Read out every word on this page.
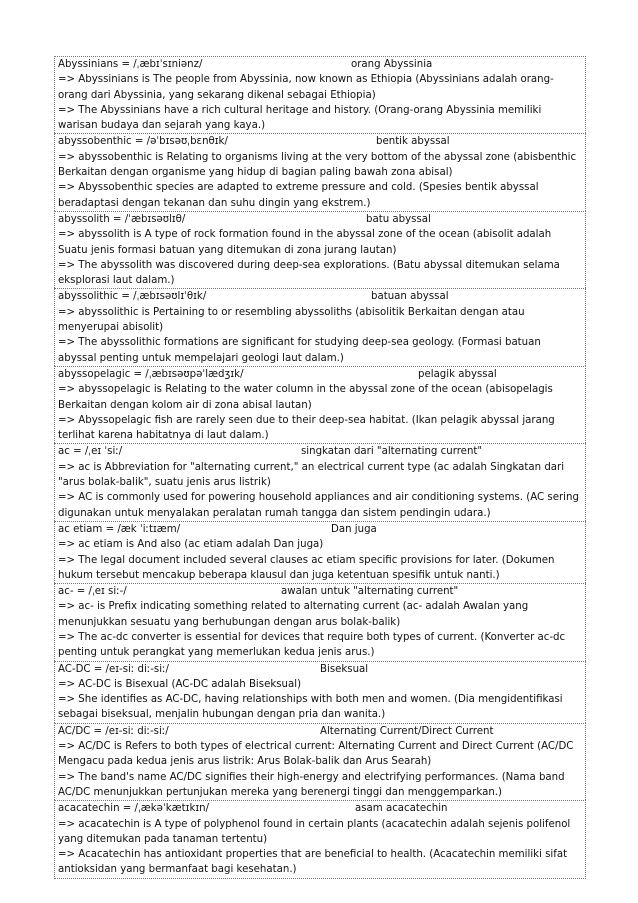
Abyssinians = /ˌæbɪˈsɪniənz/	orang Abyssinia
=> Abyssinians is The people from Abyssinia, now known as Ethiopia (Abyssinians adalah orang-orang dari Abyssinia, yang sekarang dikenal sebagai Ethiopia)
=> The Abyssinians have a rich cultural heritage and history. (Orang-orang Abyssinia memiliki warisan budaya dan sejarah yang kaya.)
abyssobenthic = /əˈbɪsəʊˌbɛnθɪk/	bentik abyssal
=> abyssobenthic is Relating to organisms living at the very bottom of the abyssal zone (abisbenthic Berkaitan dengan organisme yang hidup di bagian paling bawah zona abisal)
=> Abyssobenthic species are adapted to extreme pressure and cold. (Spesies bentik abyssal beradaptasi dengan tekanan dan suhu dingin yang ekstrem.)
abyssolith = /ˈæbɪsəʊlɪθ/	batu abyssal
=> abyssolith is A type of rock formation found in the abyssal zone of the ocean (abisolit adalah Suatu jenis formasi batuan yang ditemukan di zona jurang lautan)
=> The abyssolith was discovered during deep-sea explorations. (Batu abyssal ditemukan selama eksplorasi laut dalam.)
abyssolithic = /ˌæbɪsəʊlɪˈθɪk/	batuan abyssal
=> abyssolithic is Pertaining to or resembling abyssoliths (abisolitik Berkaitan dengan atau menyerupai abisolit)
=> The abyssolithic formations are significant for studying deep-sea geology. (Formasi batuan abyssal penting untuk mempelajari geologi laut dalam.)
abyssopelagic = /ˌæbɪsəʊpəˈlædʒɪk/	pelagik abyssal
=> abyssopelagic is Relating to the water column in the abyssal zone of the ocean (abisopelagis Berkaitan dengan kolom air di zona abisal lautan)
=> Abyssopelagic fish are rarely seen due to their deep-sea habitat. (Ikan pelagik abyssal jarang terlihat karena habitatnya di laut dalam.)
ac = /ˌeɪ ˈsiː/	singkatan dari "alternating current"
=> ac is Abbreviation for "alternating current," an electrical current type (ac adalah Singkatan dari "arus bolak-balik", suatu jenis arus listrik)
=> AC is commonly used for powering household appliances and air conditioning systems. (AC sering digunakan untuk menyalakan peralatan rumah tangga dan sistem pendingin udara.)
ac etiam = /æk ˈiːtɪæm/	Dan juga
=> ac etiam is And also (ac etiam adalah Dan juga)
=> The legal document included several clauses ac etiam specific provisions for later. (Dokumen hukum tersebut mencakup beberapa klausul dan juga ketentuan spesifik untuk nanti.)
ac- = /ˌeɪ siː-/	awalan untuk "alternating current"
=> ac- is Prefix indicating something related to alternating current (ac- adalah Awalan yang menunjukkan sesuatu yang berhubungan dengan arus bolak-balik)
=> The ac-dc converter is essential for devices that require both types of current. (Konverter ac-dc penting untuk perangkat yang memerlukan kedua jenis arus.)
AC-DC = /eɪ-siː diː-siː/	Biseksual
=> AC-DC is Bisexual (AC-DC adalah Biseksual)
=> She identifies as AC-DC, having relationships with both men and women. (Dia mengidentifikasi sebagai biseksual, menjalin hubungan dengan pria dan wanita.)
AC/DC = /eɪ-siː diː-siː/	Alternating Current/Direct Current
=> AC/DC is Refers to both types of electrical current: Alternating Current and Direct Current (AC/DC Mengacu pada kedua jenis arus listrik: Arus Bolak-balik dan Arus Searah)
=> The band's name AC/DC signifies their high-energy and electrifying performances. (Nama band AC/DC menunjukkan pertunjukan mereka yang berenergi tinggi dan menggemparkan.)
acacatechin = /ˌækəˈkætɪkɪn/	asam acacatechin
=> acacatechin is A type of polyphenol found in certain plants (acacatechin adalah sejenis polifenol yang ditemukan pada tanaman tertentu)
=> Acacatechin has antioxidant properties that are beneficial to health. (Acacatechin memiliki sifat antioksidan yang bermanfaat bagi kesehatan.)
